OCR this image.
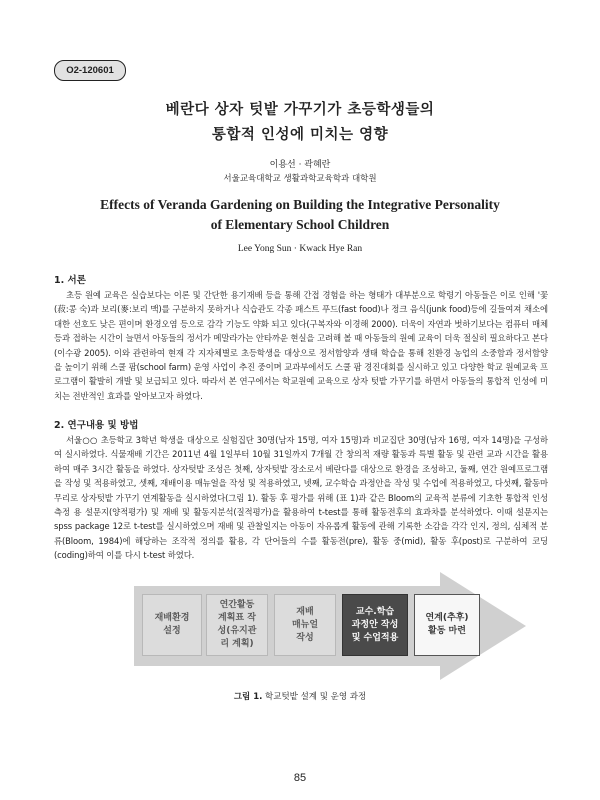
O2-120601
베란다 상자 텃밭 가꾸기가 초등학생들의
통합적 인성에 미치는 영향
이용선 · 곽혜란
서울교육대학교 생활과학교육학과 대학원
Effects of Veranda Gardening on Building the Integrative Personality
of Elementary School Children
Lee Yong Sun · Kwack Hye Ran
1. 서론

초등 원예 교육은 실습보다는 이론 및 간단한 용기재배 등을 통해 간접 경험을 하는 형태가 대부분으로 학령기 아동들은 이로 인해 '꽃(菽:콩 숙)과 보리(麥:보리 맥)를 구분하지 못하거나 식습관도 각종 패스트 푸드(fast food)나 정크 음식(junk food)등에 길들여져 채소에 대한 선호도 낮은 편이며 환경오염 등으로 감각 기능도 약화 되고 있다(구복자와 이경해 2000). 더욱이 자연과 벗하기보다는 컴퓨터 매체 등과 접하는 시간이 늘면서 아동들의 정서가 메말라가는 안타까운 현실을 고려해 볼 때 아동들의 원예 교육이 더욱 절실히 필요하다고 본다(이수광 2005). 이와 관련하여 현재 각 지자체별로 초등학생을 대상으로 정서함양과 생태 학습을 통해 친환경 농업의 소중함과 정서함양을 높이기 위해 스쿨 팜(school farm) 운영 사업이 추진 중이며 교과부에서도 스쿨 팜 경진대회를 실시하고 있고 다양한 학교 원예교육 프로그램이 활발히 개발 및 보급되고 있다. 따라서 본 연구에서는 학교원예 교육으로 상자 텃밭 가꾸기를 하면서 아동들의 통합적 인성에 미치는 전반적인 효과를 알아보고자 하였다.

2. 연구내용 및 방법

서울○○ 초등학교 3학년 학생을 대상으로 실험집단 30명(남자 15명, 여자 15명)과 비교집단 30명(남자 16명, 여자 14명)을 구성하여 실시하였다. 식물재배 기간은 2011년 4월 1일부터 10월 31일까지 7개월 간 창의적 재량 활동과 특별 활동 및 관련 교과 시간을 활용하여 매주 3시간 활동을 하였다. 상자텃밭 조성은 첫째, 상자텃밭 장소로서 베란다를 대상으로 환경을 조성하고, 둘째, 연간 원예프로그램을 작성 및 적용하였고, 셋째, 재배이용 매뉴얼을 작성 및 적용하였고, 넷째, 교수학습 과정안을 작성 및 수업에 적용하였고, 다섯째, 활동마무리로 상자텃밭 가꾸기 연계활동을 실시하였다(그림 1). 활동 후 평가를 위해 (표 1)과 같은 Bloom의 교육적 분류에 기초한 통합적 인성 측정 용 설문지(양적평가) 및 재배 및 활동지분석(질적평가)을 활용하여 t-test를 통해 활동전후의 효과차를 분석하였다. 이때 설문지는 spss package 12로 t-test를 실시하였으며 재배 및 관찰일지는 아동이 자유롭게 활동에 관해 기록한 소감을 각각 인지, 정의, 심체적 분류(Bloom, 1984)에 해당하는 조작적 정의를 활용, 각 단어들의 수를 활동전(pre), 활동 중(mid), 활동 후(post)로 구분하여 코딩(coding)하여 이를 다시 t-test 하였다.

재배환경
설정
연간활동
계획표 작
성(유지관
리 계획)
재배
매뉴얼
작성
교수.학습
과정안 작성
및 수업적용
연계(추후)
활동 마련
그림 1. 학교텃밭 설계 및 운영 과정
85
